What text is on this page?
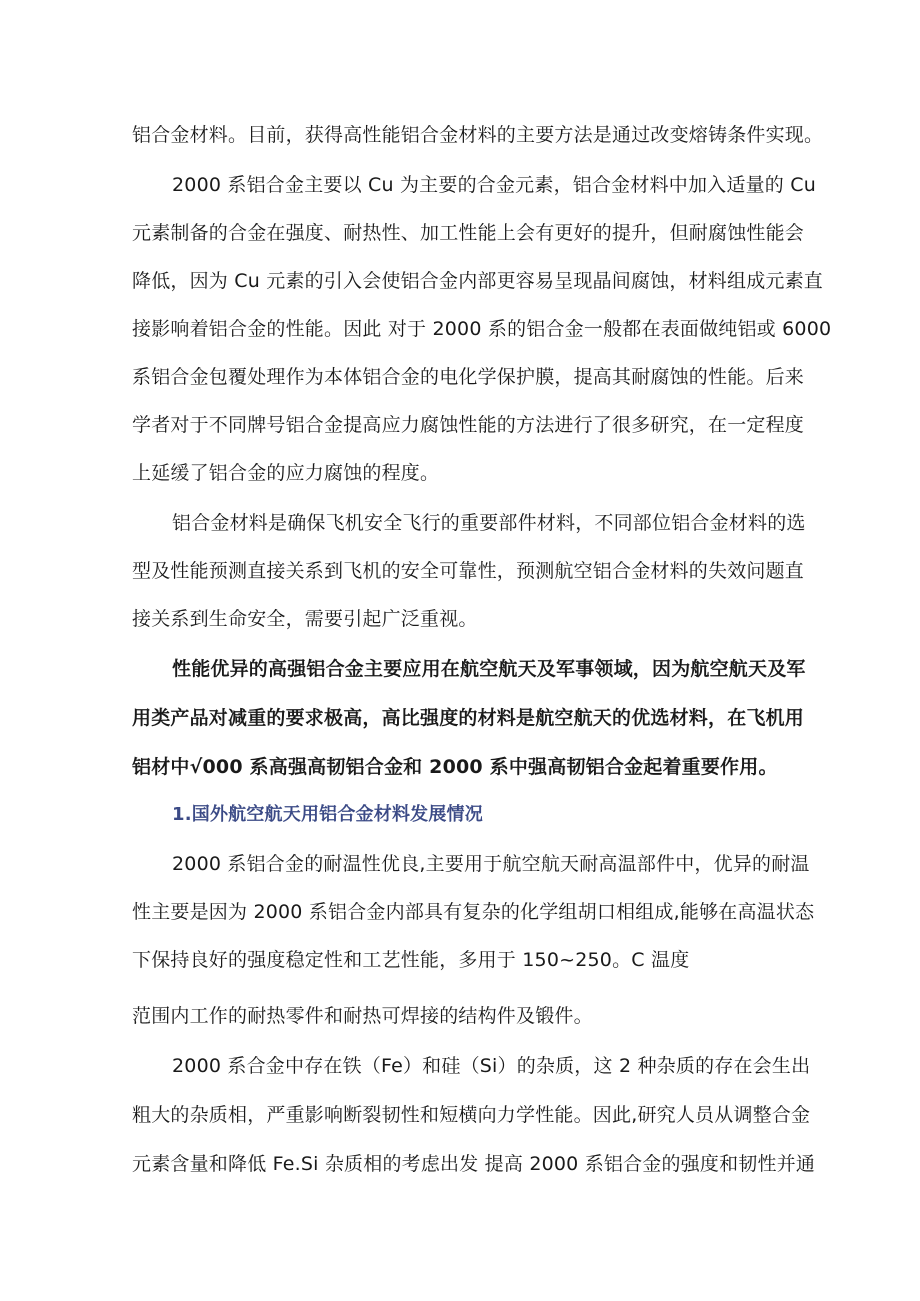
铝合金材料。目前，获得高性能铝合金材料的主要方法是通过改变熔铸条件实现。
2000 系铝合金主要以 Cu 为主要的合金元素，铝合金材料中加入适量的 Cu
元素制备的合金在强度、耐热性、加工性能上会有更好的提升，但耐腐蚀性能会
降低，因为 Cu 元素的引入会使铝合金内部更容易呈现晶间腐蚀，材料组成元素直
接影响着铝合金的性能。因此 对于 2000 系的铝合金一般都在表面做纯铝或 6000
系铝合金包覆处理作为本体铝合金的电化学保护膜，提高其耐腐蚀的性能。后来
学者对于不同牌号铝合金提高应力腐蚀性能的方法进行了很多研究，在一定程度
上延缓了铝合金的应力腐蚀的程度。
铝合金材料是确保飞机安全飞行的重要部件材料，不同部位铝合金材料的选
型及性能预测直接关系到飞机的安全可靠性，预测航空铝合金材料的失效问题直
接关系到生命安全，需要引起广泛重视。
性能优异的高强铝合金主要应用在航空航天及军事领域，因为航空航天及军
用类产品对减重的要求极高，高比强度的材料是航空航天的优选材料，在飞机用
铝材中√000 系高强高韧铝合金和 2000 系中强高韧铝合金起着重要作用。
1.国外航空航天用铝合金材料发展情况
2000 系铝合金的耐温性优良,主要用于航空航天耐高温部件中，优异的耐温
性主要是因为 2000 系铝合金内部具有复杂的化学组胡口相组成,能够在高温状态
下保持良好的强度稳定性和工艺性能，多用于 150~250。C 温度
范围内工作的耐热零件和耐热可焊接的结构件及锻件。
2000 系合金中存在铁（Fe）和硅（Si）的杂质，这 2 种杂质的存在会生出
粗大的杂质相，严重影响断裂韧性和短横向力学性能。因此,研究人员从调整合金
元素含量和降低 Fe.Si 杂质相的考虑出发 提高 2000 系铝合金的强度和韧性并通
